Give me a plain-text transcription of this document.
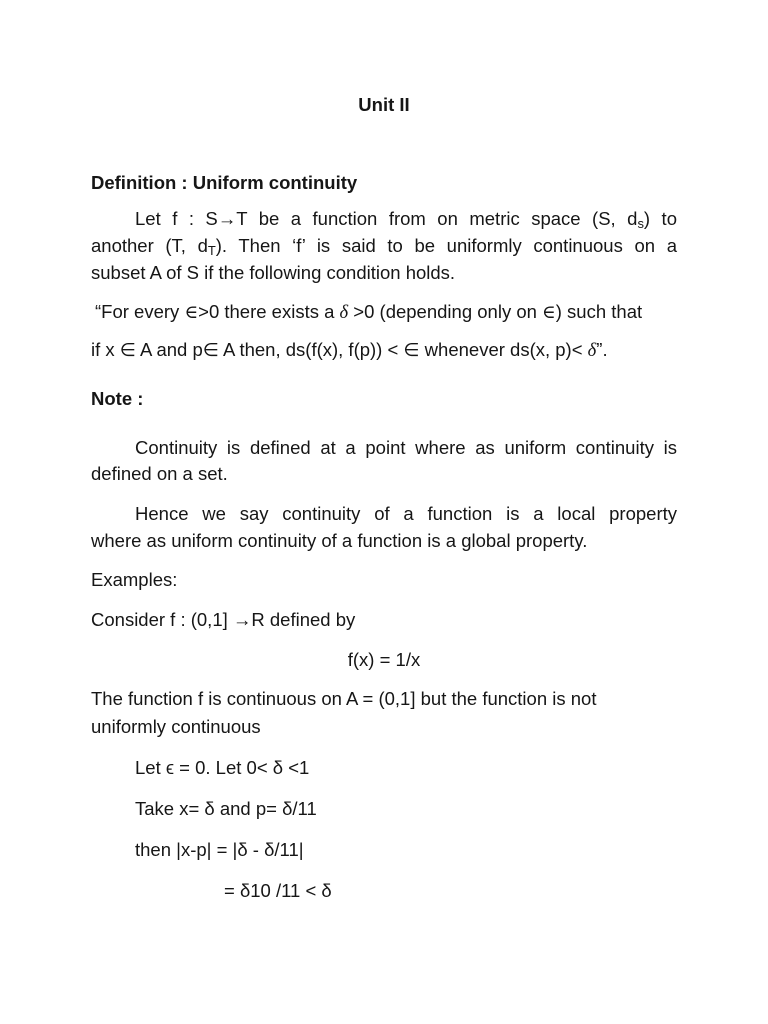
Unit II
Definition : Uniform continuity
Let f : S→T be a function from on metric space (S, $d_s$) to
another (T, $d_T$). Then ‘f’ is said to be uniformly continuous on a
subset A of S if the following condition holds.
“For every ∈>0 there exists a δ >0 (depending only on ∈) such that
if x ∈ A and p∈ A then, ds(f(x), f(p)) < ∈ whenever ds(x, p)< δ”.
Note :
Continuity is defined at a point where as uniform continuity is
defined on a set.
Hence we say continuity of a function is a local property
where as uniform continuity of a function is a global property.
Examples:
Consider f : (0,1] →R defined by
f(x) = 1/x
The function f is continuous on A = (0,1] but the function is not
uniformly continuous
Let ϵ = 0. Let 0< δ <1
Take x= δ and p= δ/11
then |x-p| = |δ - δ/11|
= δ10 /11 < δ
